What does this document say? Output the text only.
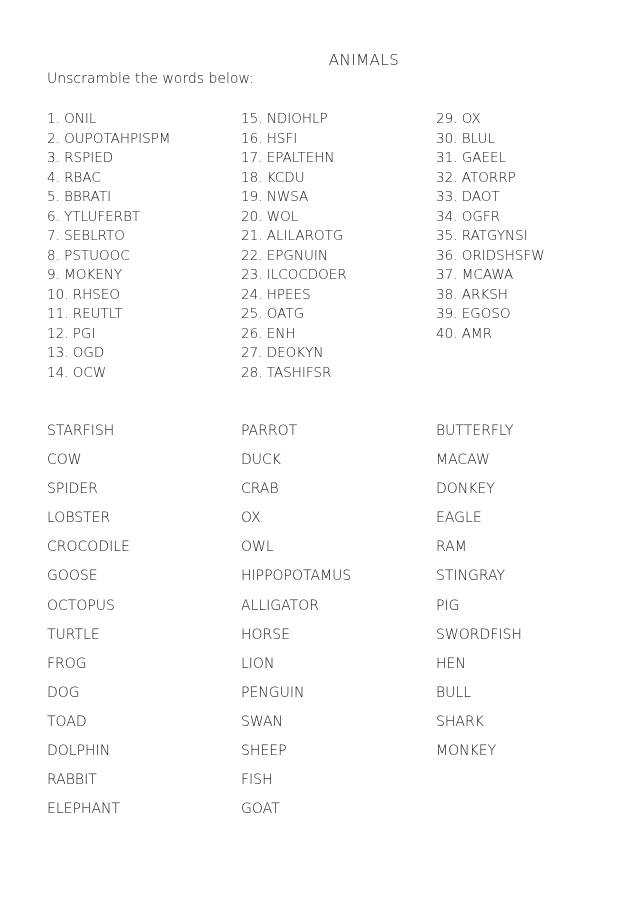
ANIMALS
Unscramble the words below:
1. ONIL
2. OUPOTAHPISPM
3. RSPIED
4. RBAC
5. BBRATI
6. YTLUFERBT
7. SEBLRTO
8. PSTUOOC
9. MOKENY
10. RHSEO
11. REUTLT
12. PGI
13. OGD
14. OCW
15. NDIOHLP
16. HSFI
17. EPALTEHN
18. KCDU
19. NWSA
20. WOL
21. ALILAROTG
22. EPGNUIN
23. ILCOCDOER
24. HPEES
25. OATG
26. ENH
27. DEOKYN
28. TASHIFSR
29. OX
30. BLUL
31. GAEEL
32. ATORRP
33. DAOT
34. OGFR
35. RATGYNSI
36. ORIDSHSFW
37. MCAWA
38. ARKSH
39. EGOSO
40. AMR
STARFISH
COW
SPIDER
LOBSTER
CROCODILE
GOOSE
OCTOPUS
TURTLE
FROG
DOG
TOAD
DOLPHIN
RABBIT
ELEPHANT
PARROT
DUCK
CRAB
OX
OWL
HIPPOPOTAMUS
ALLIGATOR
HORSE
LION
PENGUIN
SWAN
SHEEP
FISH
GOAT
BUTTERFLY
MACAW
DONKEY
EAGLE
RAM
STINGRAY
PIG
SWORDFISH
HEN
BULL
SHARK
MONKEY
